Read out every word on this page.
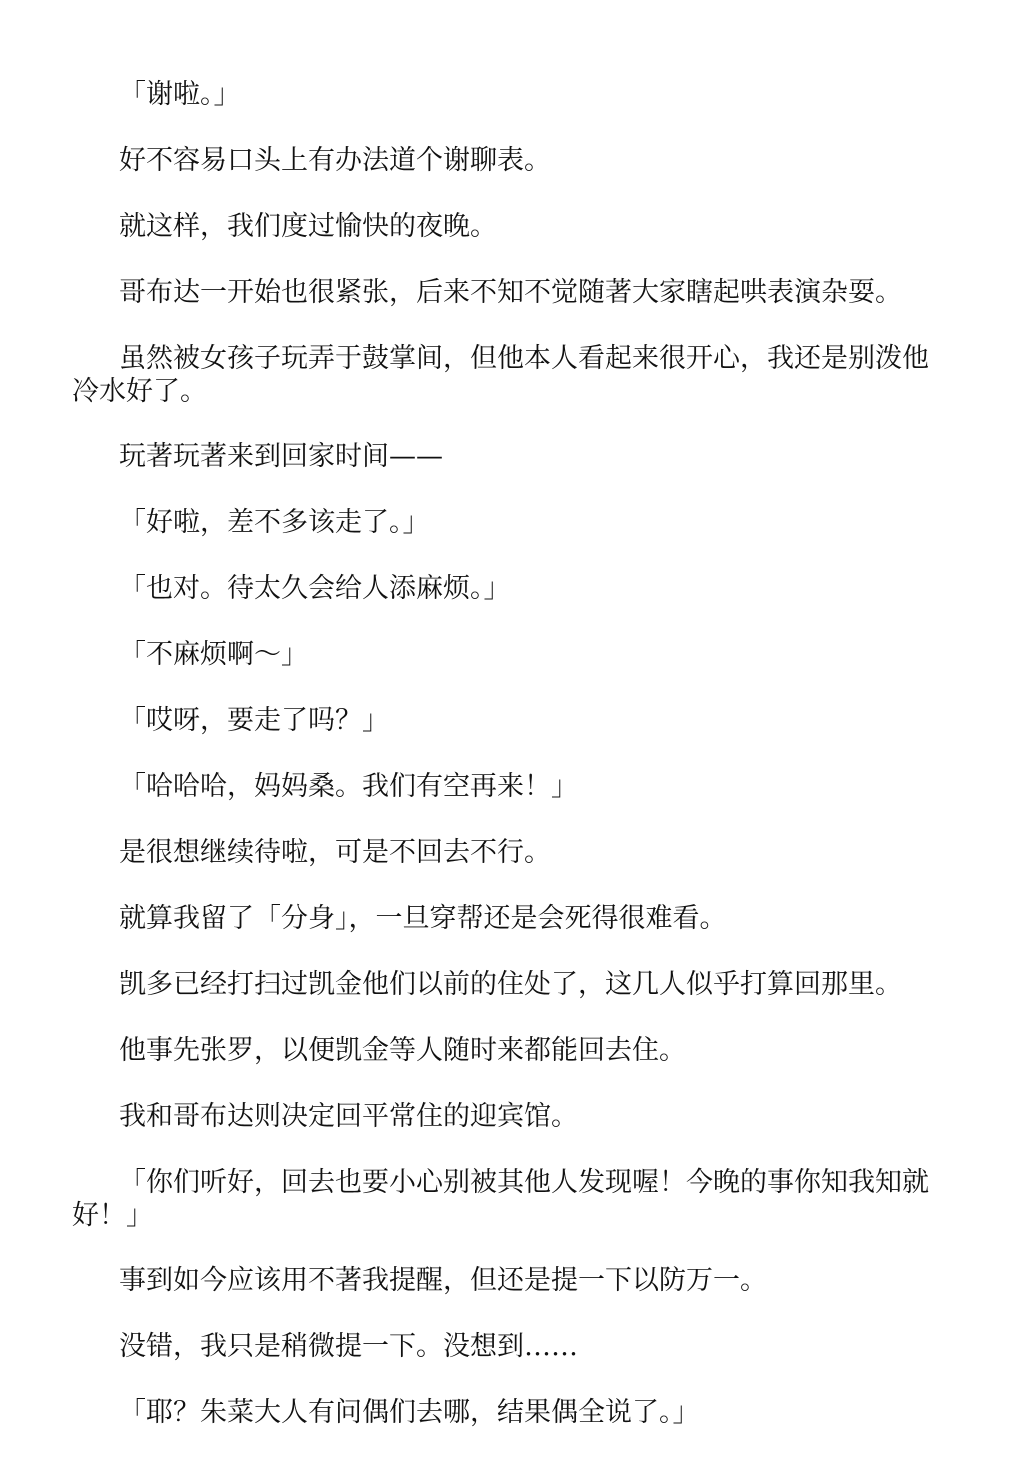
「谢啦。」

好不容易口头上有办法道个谢聊表。

就这样，我们度过愉快的夜晚。

哥布达一开始也很紧张，后来不知不觉随著大家瞎起哄表演杂耍。

虽然被女孩子玩弄于鼓掌间，但他本人看起来很开心，我还是别泼他冷水好了。

玩著玩著来到回家时间——

「好啦，差不多该走了。」

「也对。待太久会给人添麻烦。」

「不麻烦啊～」

「哎呀，要走了吗？」

「哈哈哈，妈妈桑。我们有空再来！」

是很想继续待啦，可是不回去不行。

就算我留了「分身」，一旦穿帮还是会死得很难看。

凯多已经打扫过凯金他们以前的住处了，这几人似乎打算回那里。

他事先张罗，以便凯金等人随时来都能回去住。

我和哥布达则决定回平常住的迎宾馆。

「你们听好，回去也要小心别被其他人发现喔！今晚的事你知我知就好！」

事到如今应该用不著我提醒，但还是提一下以防万一。

没错，我只是稍微提一下。没想到……

「耶？朱菜大人有问偶们去哪，结果偶全说了。」
